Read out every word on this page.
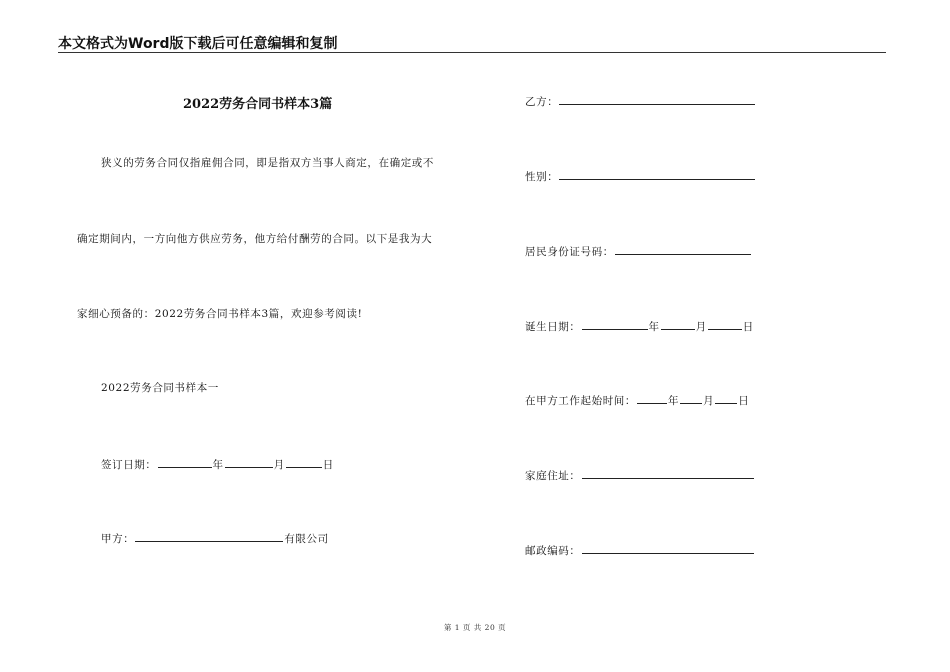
本文格式为Word版下载后可任意编辑和复制
2022劳务合同书样本3篇
狭义的劳务合同仅指雇佣合同，即是指双方当事人商定，在确定或不
确定期间内，一方向他方供应劳务，他方给付酬劳的合同。以下是我为大
家细心预备的：2022劳务合同书样本3篇，欢迎参考阅读!
2022劳务合同书样本一
签订日期：	年	月	日
甲方：	有限公司
乙方：
性别：
居民身份证号码：
诞生日期：	年	月	日
在甲方工作起始时间：	年 月 日
家庭住址：
邮政编码：
第 1 页 共 20 页
